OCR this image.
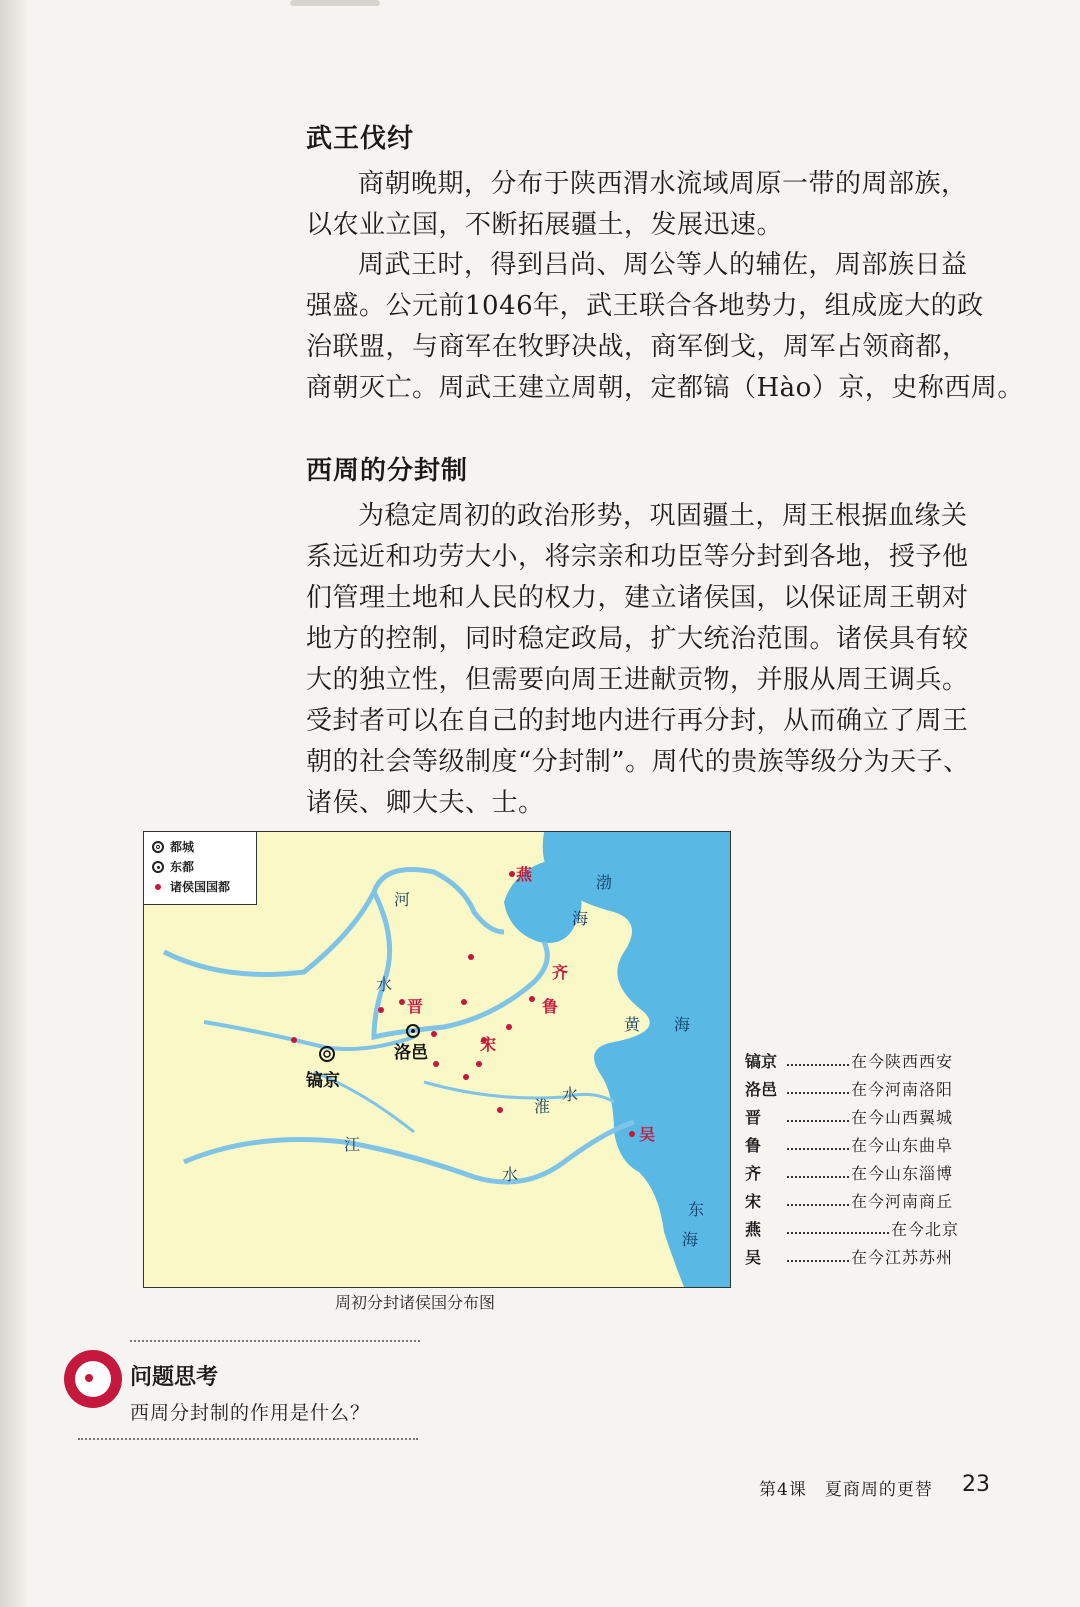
武王伐纣
商朝晚期，分布于陕西渭水流域周原一带的周部族，
以农业立国，不断拓展疆土，发展迅速。
周武王时，得到吕尚、周公等人的辅佐，周部族日益
强盛。公元前1046年，武王联合各地势力，组成庞大的政
治联盟，与商军在牧野决战，商军倒戈，周军占领商都，
商朝灭亡。周武王建立周朝，定都镐（Hào）京，史称西周。
西周的分封制
为稳定周初的政治形势，巩固疆土，周王根据血缘关
系远近和功劳大小，将宗亲和功臣等分封到各地，授予他
们管理土地和人民的权力，建立诸侯国，以保证周王朝对
地方的控制，同时稳定政局，扩大统治范围。诸侯具有较
大的独立性，但需要向周王进献贡物，并服从周王调兵。
受封者可以在自己的封地内进行再分封，从而确立了周王
朝的社会等级制度“分封制”。周代的贵族等级分为天子、
诸侯、卿大夫、士。
都城
东都
诸侯国国都
燕
齐
鲁
晋
宋
吴
镐京
洛邑
河
水
江
水
淮
水
渤
海
黄 海
东
海
周初分封诸侯国分布图
镐京	在今陕西西安
洛邑	在今河南洛阳
晋	在今山西翼城
鲁	在今山东曲阜
齐	在今山东淄博
宋	在今河南商丘
燕	在今北京
吴	在今江苏苏州
问题思考
西周分封制的作用是什么？
第4课　夏商周的更替 23
